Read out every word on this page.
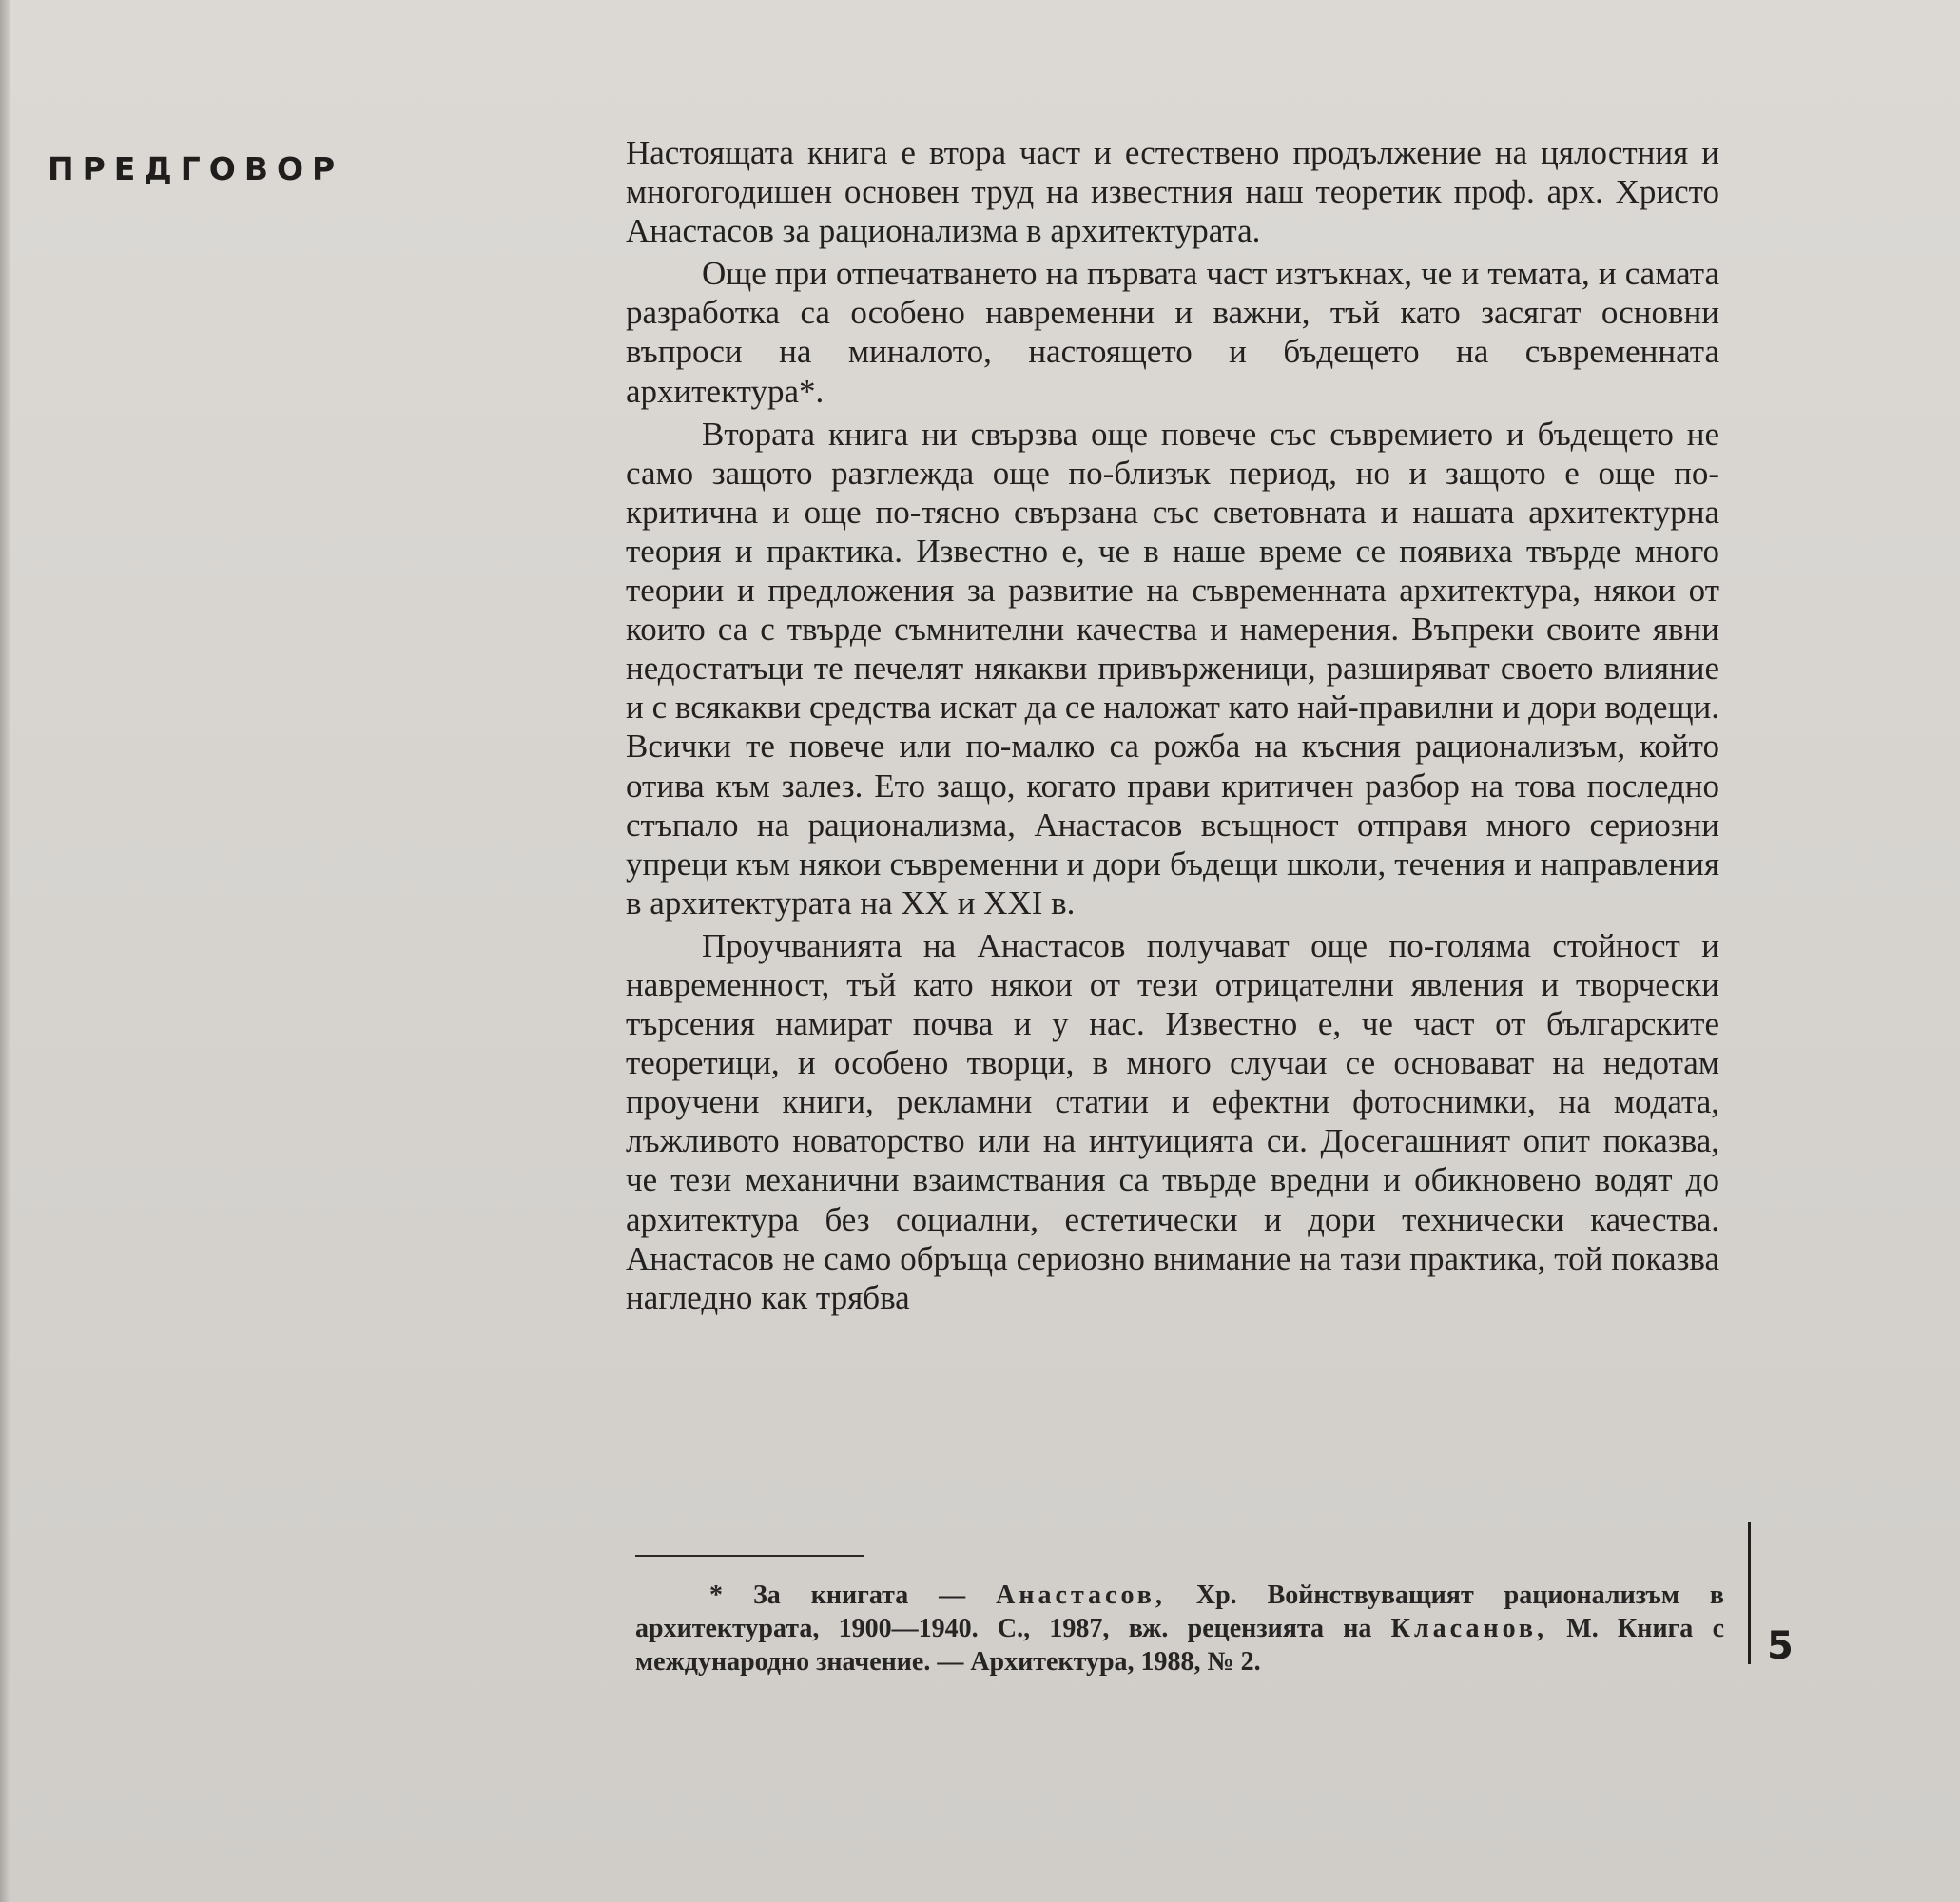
ПРЕДГОВОР	Настоящата книга е втора част и естествено продължение на цялостния и многогодишен основен труд на известния наш теоретик проф. арх. Христо Анастасов за рационализма в архитектурата.

Още при отпечатването на първата част изтъкнах, че и темата, и самата разработка са особено навременни и важни, тъй като засягат основни въпроси на миналото, настоящето и бъдещето на съвременната архитектура*.

Втората книга ни свързва още повече със съвремието и бъдещето не само защото разглежда още по-близък период, но и защото е още по-критична и още по-тясно свързана със световната и нашата архитектурна теория и практика. Известно е, че в наше време се появиха твърде много теории и предложения за развитие на съвременната архитектура, някои от които са с твърде съмнителни качества и намерения. Въпреки своите явни недостатъци те печелят някакви привърженици, разширяват своето влияние и с всякакви средства искат да се наложат като най-правилни и дори водещи. Всички те повече или по-малко са рожба на късния рационализъм, който отива към залез. Ето защо, когато прави критичен разбор на това последно стъпало на рационализма, Анастасов всъщност отправя много сериозни упреци към някои съвременни и дори бъдещи школи, течения и направления в архитектурата на XX и XXI в.

Проучванията на Анастасов получават още по-голяма стойност и навременност, тъй като някои от тези отрицателни явления и творчески търсения намират почва и у нас. Известно е, че част от българските теоретици, и особено творци, в много случаи се основават на недотам проучени книги, рекламни статии и ефектни фотоснимки, на модата, лъжливото новаторство или на интуицията си. Досегашният опит показва, че тези механични взаимствания са твърде вредни и обикновено водят до архитектура без социални, естетически и дори технически качества. Анастасов не само обръща сериозно внимание на тази практика, той показва нагледно как трябва

* За книгата — Анастасов, Хр. Войнствуващият рационализъм в архитектурата, 1900—1940. С., 1987, вж. рецензията на Класанов, М. Книга с международно значение. — Архитектура, 1988, № 2.	5
